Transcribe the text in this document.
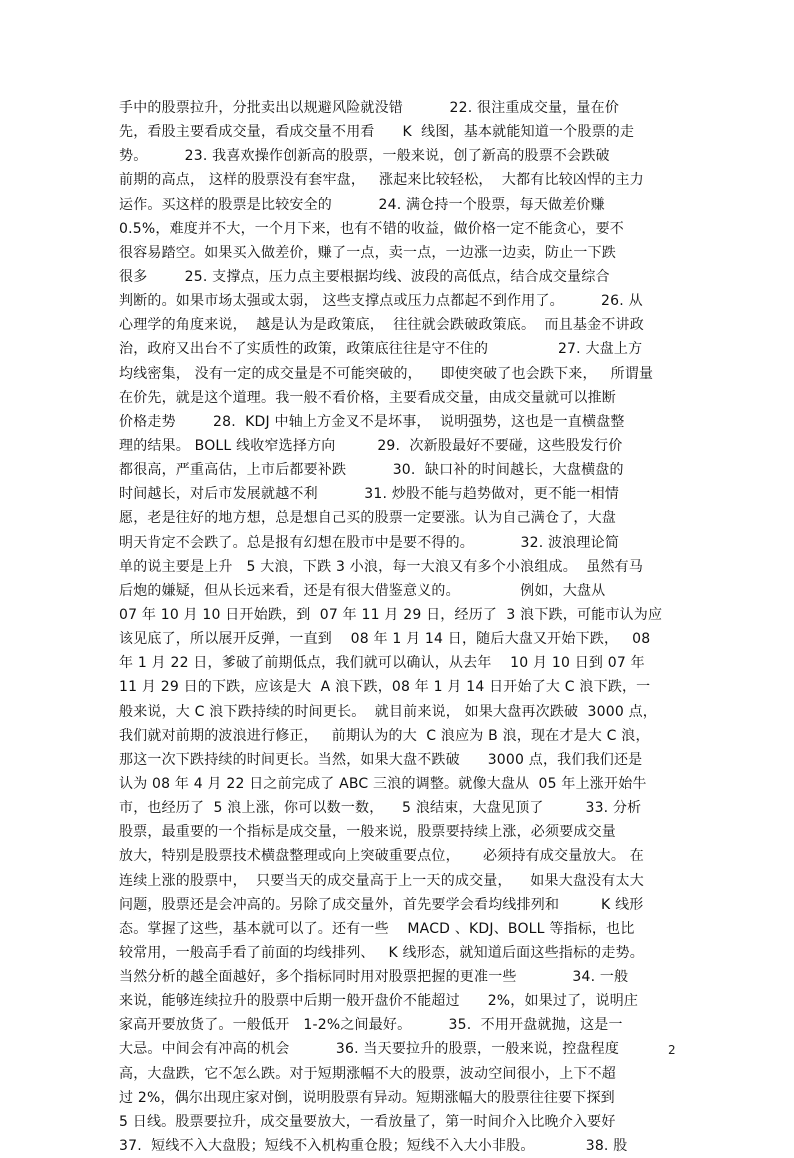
手中的股票拉升，分批卖出以规避风险就没错          22. 很注重成交量，量在价
先，看股主要看成交量，看成交量不用看      K  线图，基本就能知道一个股票的走
势。        23. 我喜欢操作创新高的股票，一般来说，创了新高的股票不会跌破
前期的高点， 这样的股票没有套牢盘，   涨起来比较轻松，  大都有比较凶悍的主力
运作。买这样的股票是比较安全的          24. 满仓持一个股票，每天做差价赚
0.5%，难度并不大，一个月下来，也有不错的收益，做价格一定不能贪心，要不
很容易踏空。如果买入做差价，赚了一点，卖一点，一边涨一边卖，防止一下跌
很多        25. 支撑点，压力点主要根据均线、波段的高低点，结合成交量综合
判断的。如果市场太强或太弱， 这些支撑点或压力点都起不到作用了。        26. 从
心理学的角度来说，  越是认为是政策底，  往往就会跌破政策底。  而且基金不讲政
治，政府又出台不了实质性的政策，政策底往往是守不住的               27. 大盘上方
均线密集， 没有一定的成交量是不可能突破的，    即使突破了也会跌下来，   所谓量
在价先，就是这个道理。我一般不看价格，主要看成交量，由成交量就可以推断
价格走势        28.  KDJ 中轴上方金叉不是坏事，  说明强势，这也是一直横盘整
理的结果。 BOLL 线收窄选择方向         29.  次新股最好不要碰，这些股发行价
都很高，严重高估，上市后都要补跌          30.  缺口补的时间越长，大盘横盘的
时间越长，对后市发展就越不利          31. 炒股不能与趋势做对，更不能一相情
愿，老是往好的地方想，总是想自己买的股票一定要涨。认为自己满仓了，大盘
明天肯定不会跌了。总是报有幻想在股市中是要不得的。          32. 波浪理论简
单的说主要是上升   5 大浪，下跌 3 小浪，每一大浪又有多个小浪组成。  虽然有马
后炮的嫌疑，但从长远来看，还是有很大借鉴意义的。             例如，大盘从
07 年 10 月 10 日开始跌，到  07 年 11 月 29 日，经历了  3 浪下跌，可能市认为应
该见底了，所以展开反弹，一直到    08 年 1 月 14 日，随后大盘又开始下跌，   08
年 1 月 22 日，爹破了前期低点，我们就可以确认，从去年    10 月 10 日到 07 年
11 月 29 日的下跌，应该是大  A 浪下跌，08 年 1 月 14 日开始了大 C 浪下跌，一
般来说，大 C 浪下跌持续的时间更长。  就目前来说， 如果大盘再次跌破  3000 点，
我们就对前期的波浪进行修正，   前期认为的大  C 浪应为 B 浪，现在才是大 C 浪，
那这一次下跌持续的时间更长。当然，如果大盘不跌破      3000 点，我们我们还是
认为 08 年 4 月 22 日之前完成了 ABC 三浪的调整。就像大盘从  05 年上涨开始牛
市，也经历了  5 浪上涨，你可以数一数，    5 浪结束，大盘见顶了         33. 分析
股票，最重要的一个指标是成交量，一般来说，股票要持续上涨，必须要成交量
放大，特别是股票技术横盘整理或向上突破重要点位，     必须持有成交量放大。 在
连续上涨的股票中，  只要当天的成交量高于上一天的成交量，    如果大盘没有太大
问题，股票还是会冲高的。另除了成交量外，首先要学会看均线排列和         K 线形
态。掌握了这些，基本就可以了。还有一些    MACD 、KDJ、BOLL 等指标，也比
较常用，一般高手看了前面的均线排列、   K 线形态，就知道后面这些指标的走势。
当然分析的越全面越好，多个指标同时用对股票把握的更准一些            34. 一般
来说，能够连续拉升的股票中后期一般开盘价不能超过      2%，如果过了，说明庄
家高开要放货了。一般低开   1-2%之间最好。        35.  不用开盘就抛，这是一
大忌。中间会有冲高的机会          36. 当天要拉升的股票，一般来说，控盘程度
高，大盘跌，它不怎么跌。对于短期涨幅不大的股票，波动空间很小，上下不超
过 2%，偶尔出现庄家对倒，说明股票有异动。短期涨幅大的股票往往要下探到
5 日线。股票要拉升，成交量要放大，一看放量了，第一时间介入比晚介入要好
37.  短线不入大盘股；短线不入机构重仓股；短线不入大小非股。           38. 股
2
